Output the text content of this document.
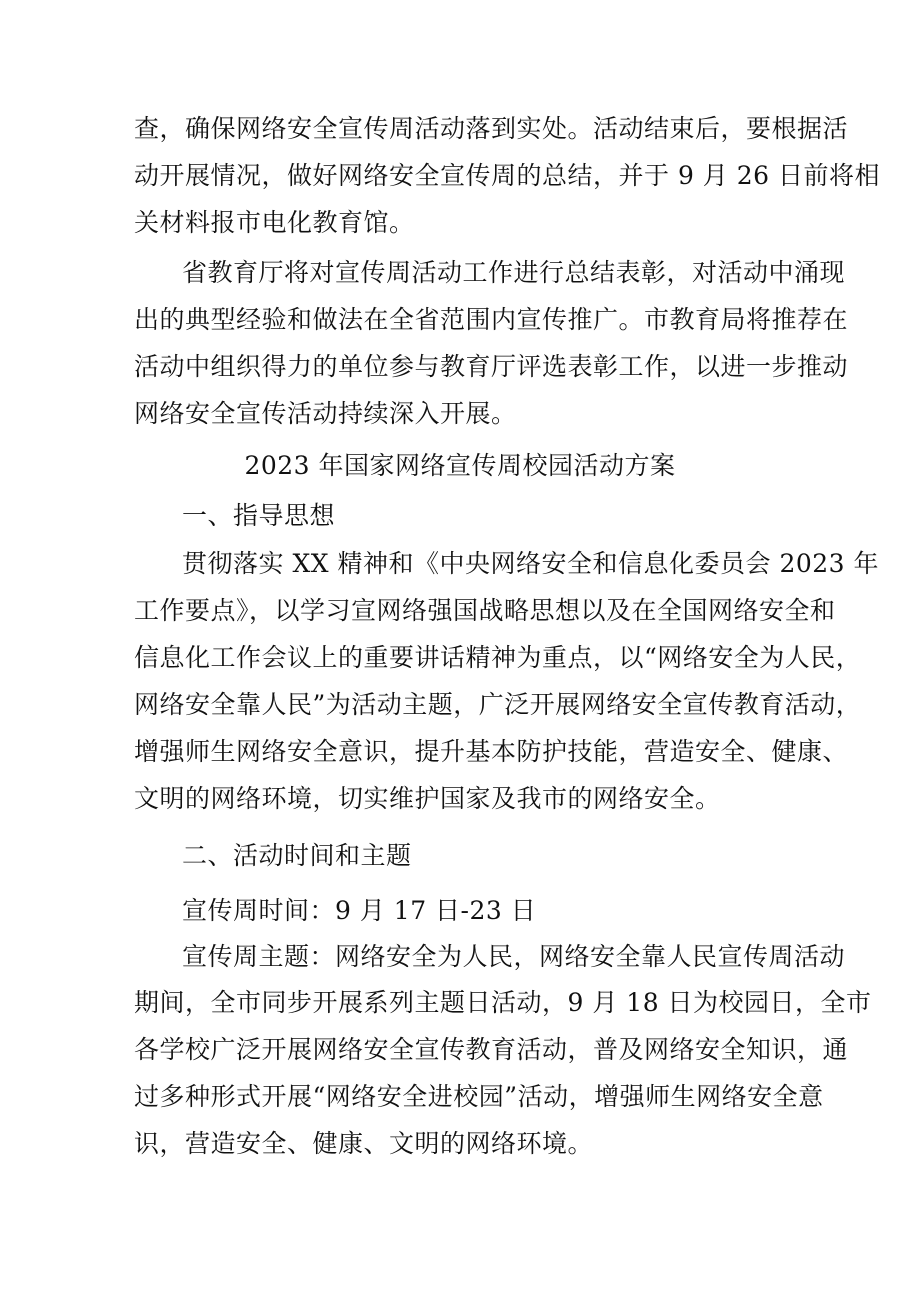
查，确保网络安全宣传周活动落到实处。活动结束后，要根据活
动开展情况，做好网络安全宣传周的总结，并于 9 月 26 日前将相
关材料报市电化教育馆。
省教育厅将对宣传周活动工作进行总结表彰，对活动中涌现
出的典型经验和做法在全省范围内宣传推广。市教育局将推荐在
活动中组织得力的单位参与教育厅评选表彰工作，以进一步推动
网络安全宣传活动持续深入开展。
2023 年国家网络宣传周校园活动方案
一、指导思想
贯彻落实 XX 精神和《中央网络安全和信息化委员会 2023 年
工作要点》，以学习宣网络强国战略思想以及在全国网络安全和
信息化工作会议上的重要讲话精神为重点，以“网络安全为人民，
网络安全靠人民”为活动主题，广泛开展网络安全宣传教育活动，
增强师生网络安全意识，提升基本防护技能，营造安全、健康、
文明的网络环境，切实维护国家及我市的网络安全。
二、活动时间和主题
宣传周时间：9 月 17 日-23 日
宣传周主题：网络安全为人民，网络安全靠人民宣传周活动
期间，全市同步开展系列主题日活动，9 月 18 日为校园日，全市
各学校广泛开展网络安全宣传教育活动，普及网络安全知识，通
过多种形式开展“网络安全进校园”活动，增强师生网络安全意
识，营造安全、健康、文明的网络环境。
